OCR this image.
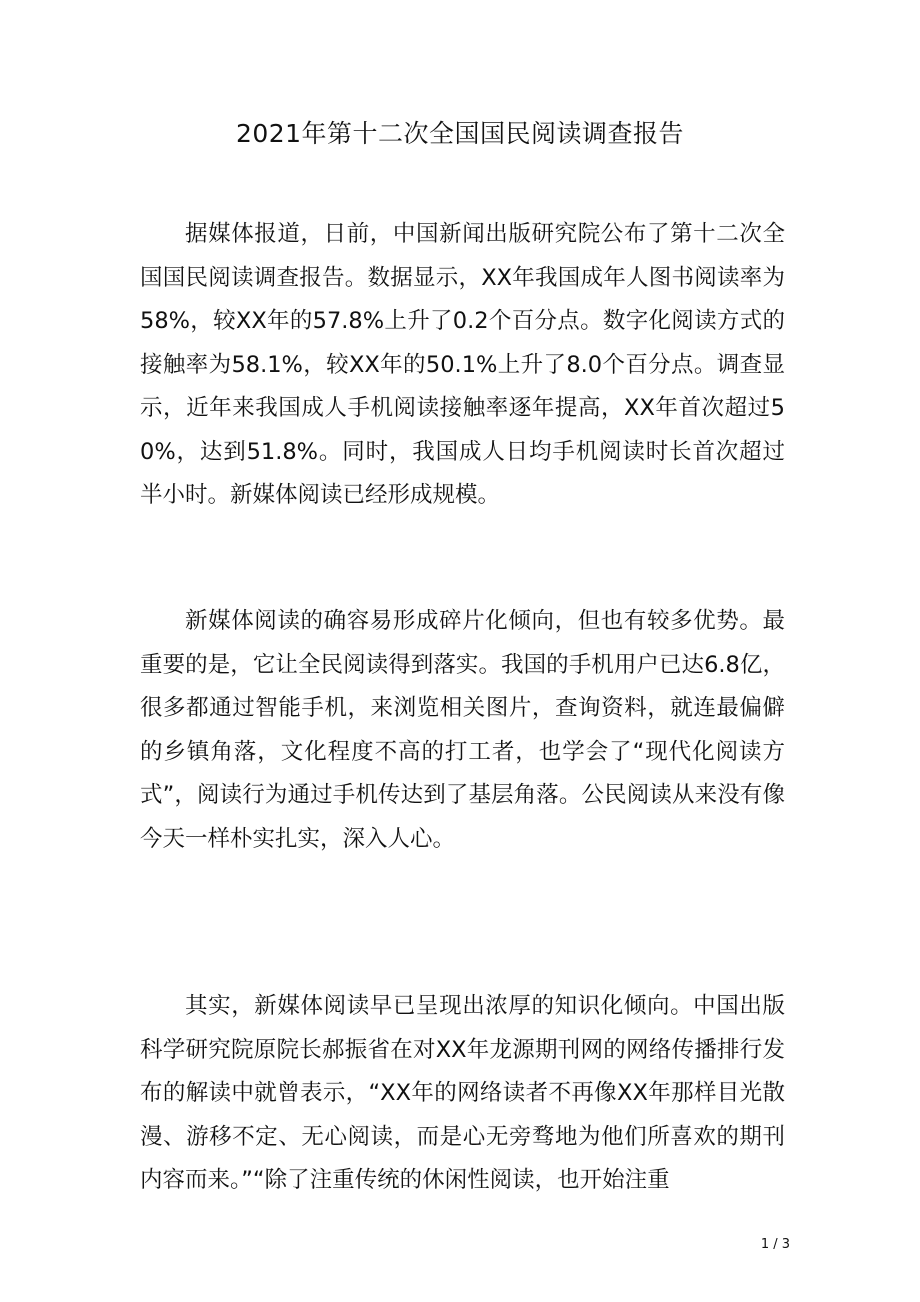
2021年第十二次全国国民阅读调查报告

据媒体报道，日前，中国新闻出版研究院公布了第十二次全国国民阅读调查报告。数据显示，XX年我国成年人图书阅读率为58%，较XX年的57.8%上升了0.2个百分点。数字化阅读方式的接触率为58.1%，较XX年的50.1%上升了8.0个百分点。调查显示，近年来我国成人手机阅读接触率逐年提高，XX年首次超过50%，达到51.8%。同时，我国成人日均手机阅读时长首次超过半小时。新媒体阅读已经形成规模。

新媒体阅读的确容易形成碎片化倾向，但也有较多优势。最重要的是，它让全民阅读得到落实。我国的手机用户已达6.8亿，很多都通过智能手机，来浏览相关图片，查询资料，就连最偏僻的乡镇角落，文化程度不高的打工者，也学会了“现代化阅读方式”，阅读行为通过手机传达到了基层角落。公民阅读从来没有像今天一样朴实扎实，深入人心。

其实，新媒体阅读早已呈现出浓厚的知识化倾向。中国出版科学研究院原院长郝振省在对XX年龙源期刊网的网络传播排行发布的解读中就曾表示，“XX年的网络读者不再像XX年那样目光散漫、游移不定、无心阅读，而是心无旁骛地为他们所喜欢的期刊内容而来。”“除了注重传统的休闲性阅读，也开始注重

1 / 3
